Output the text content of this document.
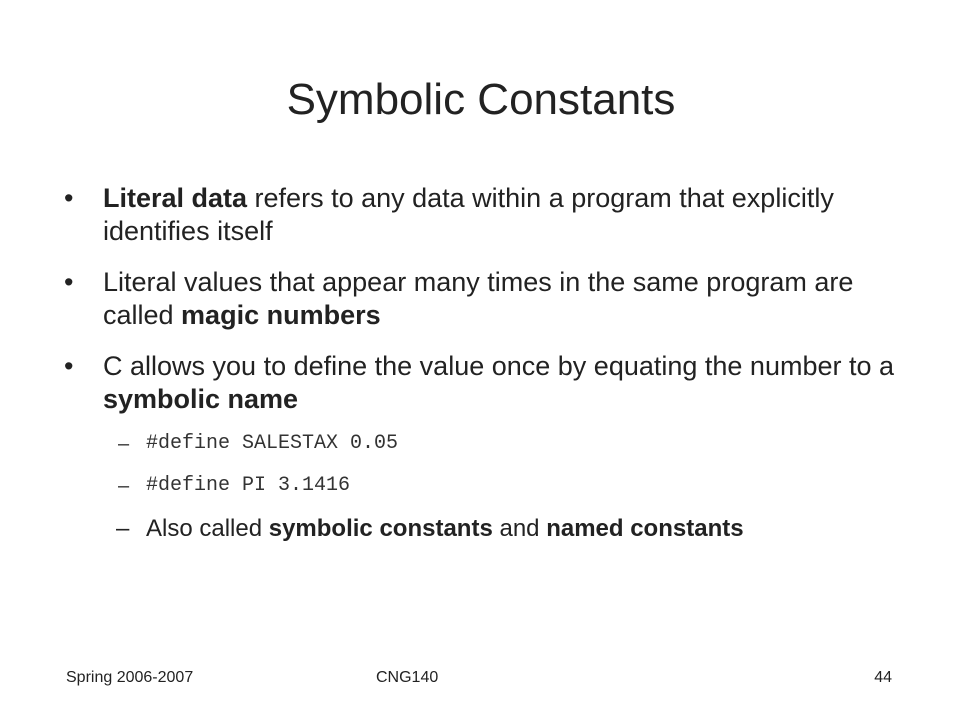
Symbolic Constants
• Literal data refers to any data within a program that explicitly identifies itself
• Literal values that appear many times in the same program are called magic numbers
• C allows you to define the value once by equating the number to a symbolic name
– #define SALESTAX 0.05
– #define PI 3.1416
– Also called symbolic constants and named constants
Spring 2006-2007	CNG140	44
